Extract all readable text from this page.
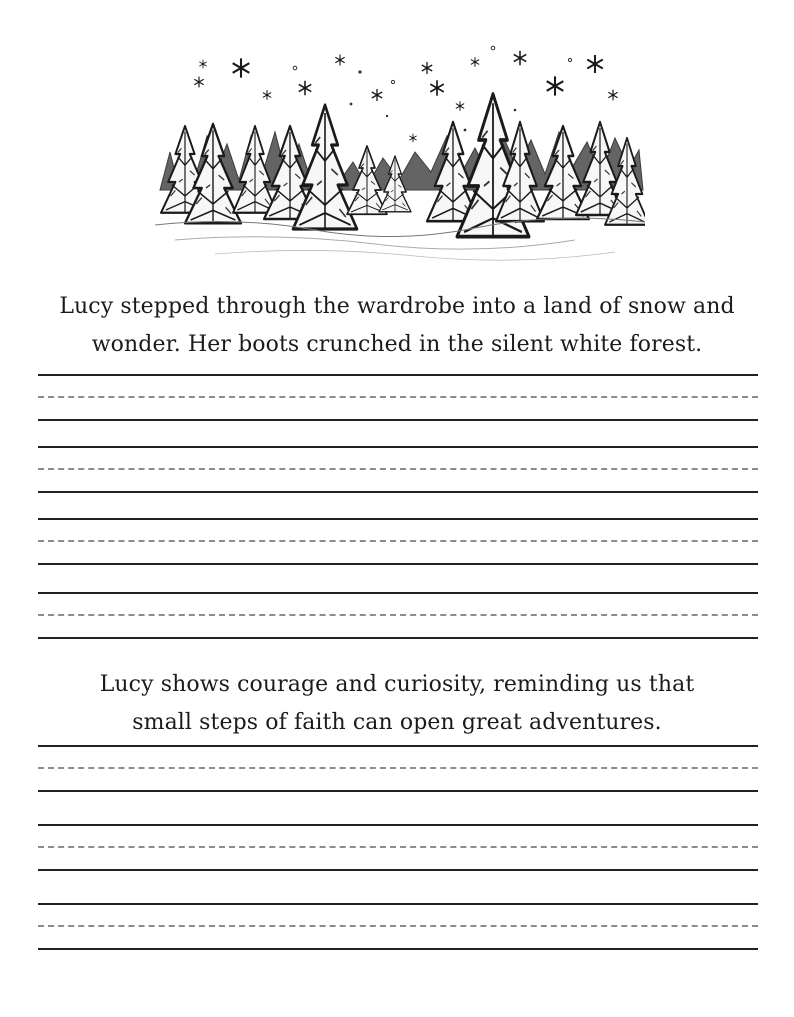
Lucy stepped through the wardrobe into a land of snow and
wonder. Her boots crunched in the silent white forest.
Lucy shows courage and curiosity, reminding us that
small steps of faith can open great adventures.
